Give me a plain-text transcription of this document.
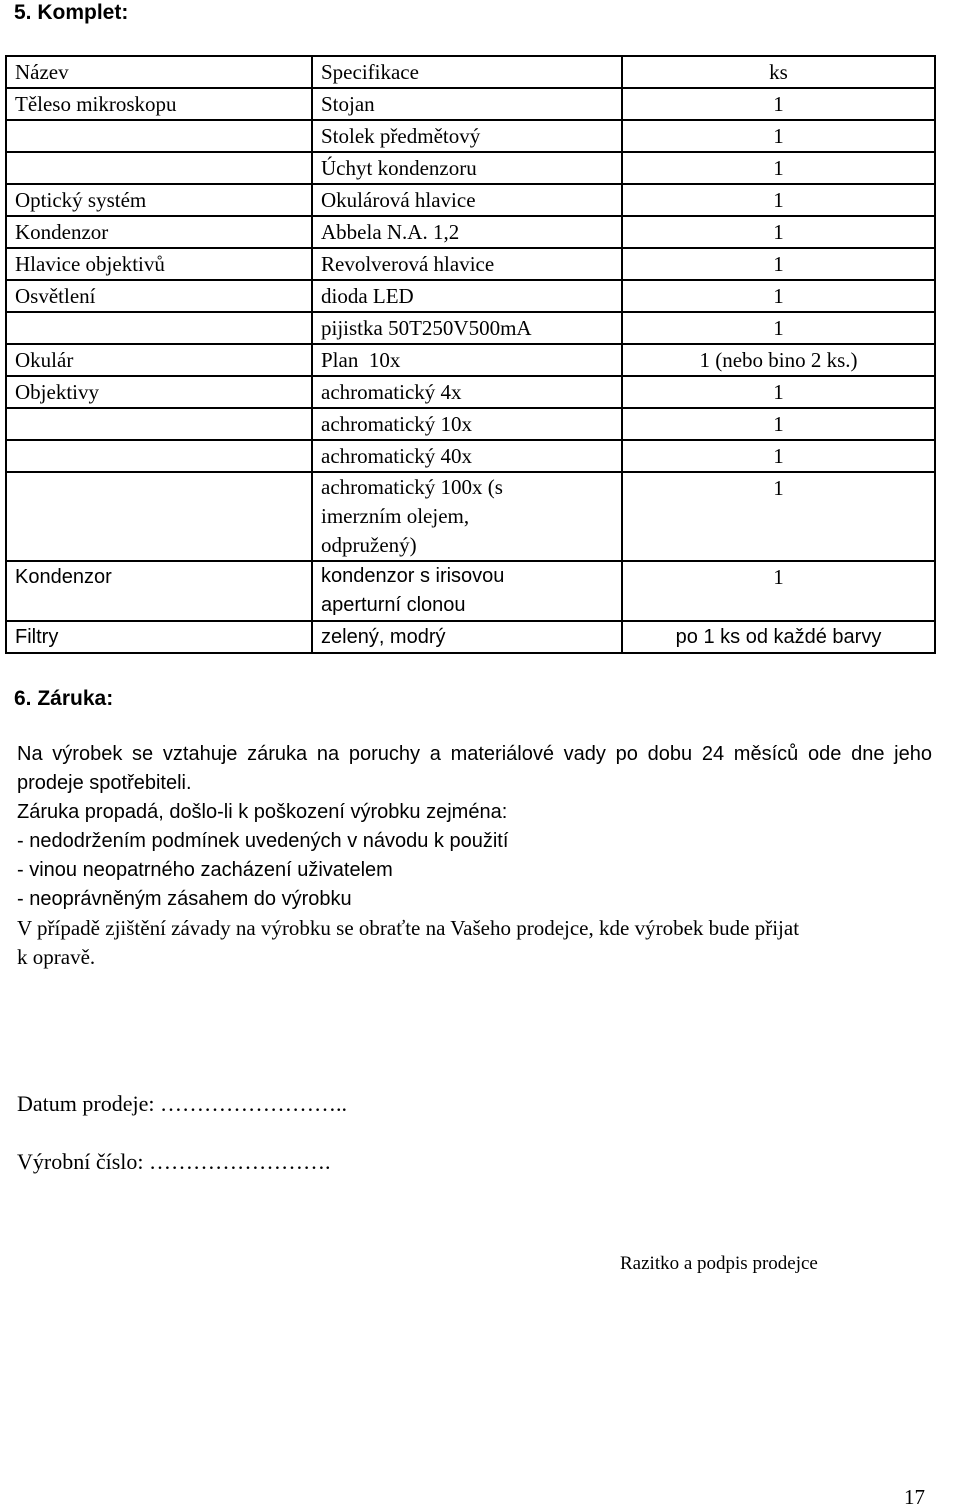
5. Komplet:
Název	Specifikace	ks
Těleso mikroskopu	Stojan	1
	Stolek předmětový	1
	Úchyt kondenzoru	1
Optický systém	Okulárová hlavice	1
Kondenzor	Abbela N.A. 1,2	1
Hlavice objektivů	Revolverová hlavice	1
Osvětlení	dioda LED	1
	pijistka 50T250V500mA	1
Okulár	Plan  10x	1 (nebo bino 2 ks.)
Objektivy	achromatický 4x	1
	achromatický 10x	1
	achromatický 40x	1
	achromatický 100x (s imerzním olejem, odpružený)	1
Kondenzor	kondenzor s irisovou aperturní clonou	1
Filtry	zelený, modrý	po 1 ks od každé barvy
6. Záruka:

Na výrobek se vztahuje záruka na poruchy a materiálové vady po dobu 24 měsíců ode dne jeho prodeje spotřebiteli.

Záruka propadá, došlo-li k poškození výrobku zejména:

- nedodržením podmínek uvedených v návodu k použití

- vinou neopatrného zacházení uživatelem

- neoprávněným zásahem do výrobku

V případě zjištění závady na výrobku se obraťte na Vašeho prodejce, kde výrobek bude přijat

k opravě.

Datum prodeje: ……………………..
Výrobní číslo: …………………….
Razitko a podpis prodejce
17
